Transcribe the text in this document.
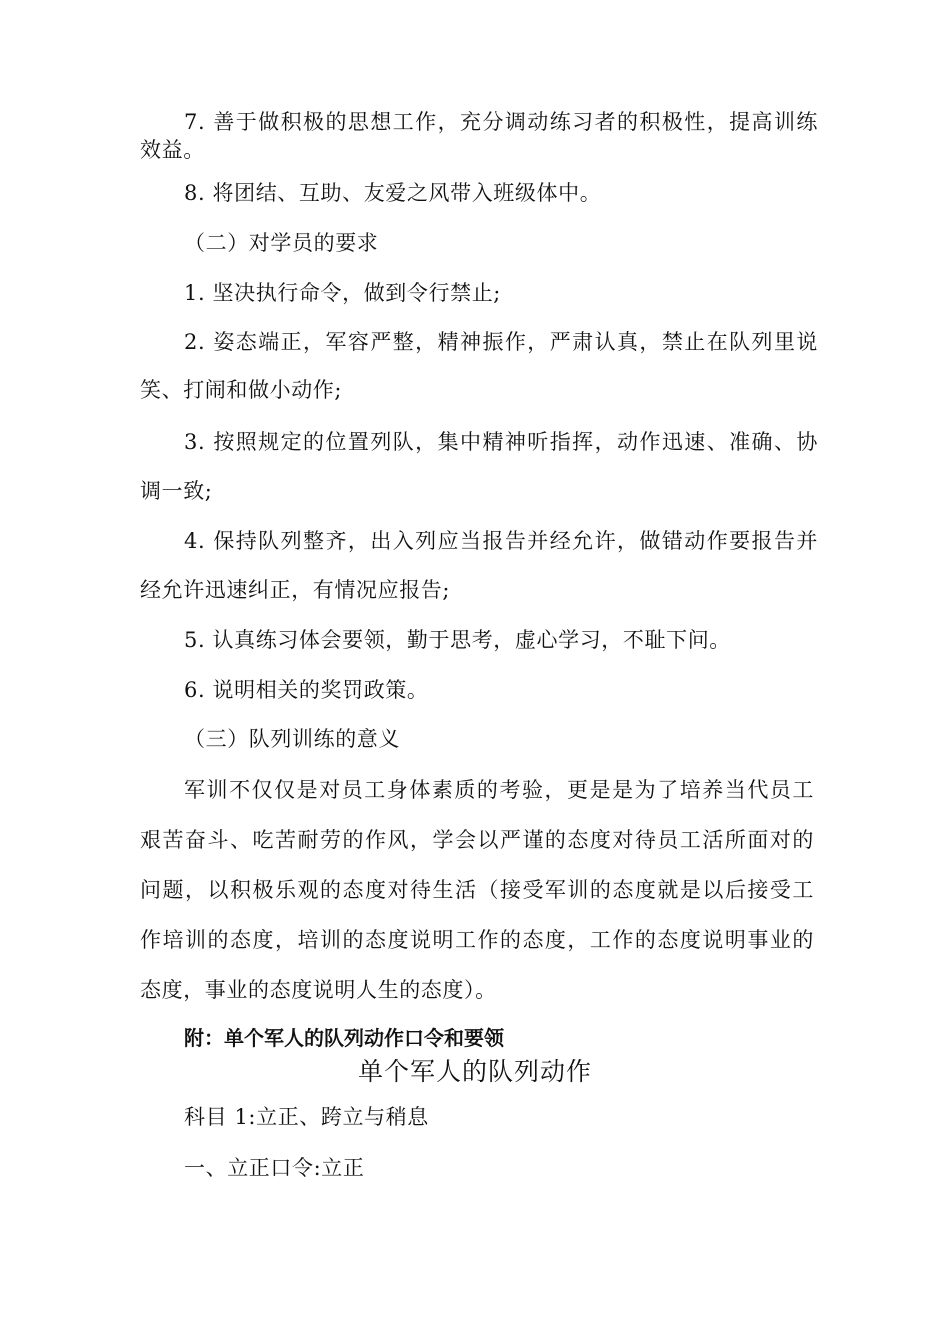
7. 善于做积极的思想工作，充分调动练习者的积极性，提高训练
效益。
8. 将团结、互助、友爱之风带入班级体中。
（二）对学员的要求
1. 坚决执行命令，做到令行禁止;
2. 姿态端正，军容严整，精神振作，严肃认真，禁止在队列里说
笑、打闹和做小动作;
3. 按照规定的位置列队，集中精神听指挥，动作迅速、准确、协
调一致;
4. 保持队列整齐，出入列应当报告并经允许，做错动作要报告并
经允许迅速纠正，有情况应报告;
5. 认真练习体会要领，勤于思考，虚心学习，不耻下问。
6. 说明相关的奖罚政策。
（三）队列训练的意义
军训不仅仅是对员工身体素质的考验，更是是为了培养当代员工
艰苦奋斗、吃苦耐劳的作风，学会以严谨的态度对待员工活所面对的
问题，以积极乐观的态度对待生活（接受军训的态度就是以后接受工
作培训的态度，培训的态度说明工作的态度，工作的态度说明事业的
态度，事业的态度说明人生的态度）。
附：单个军人的队列动作口令和要领
单个军人的队列动作
科目 1:立正、跨立与稍息
一、立正口令:立正
